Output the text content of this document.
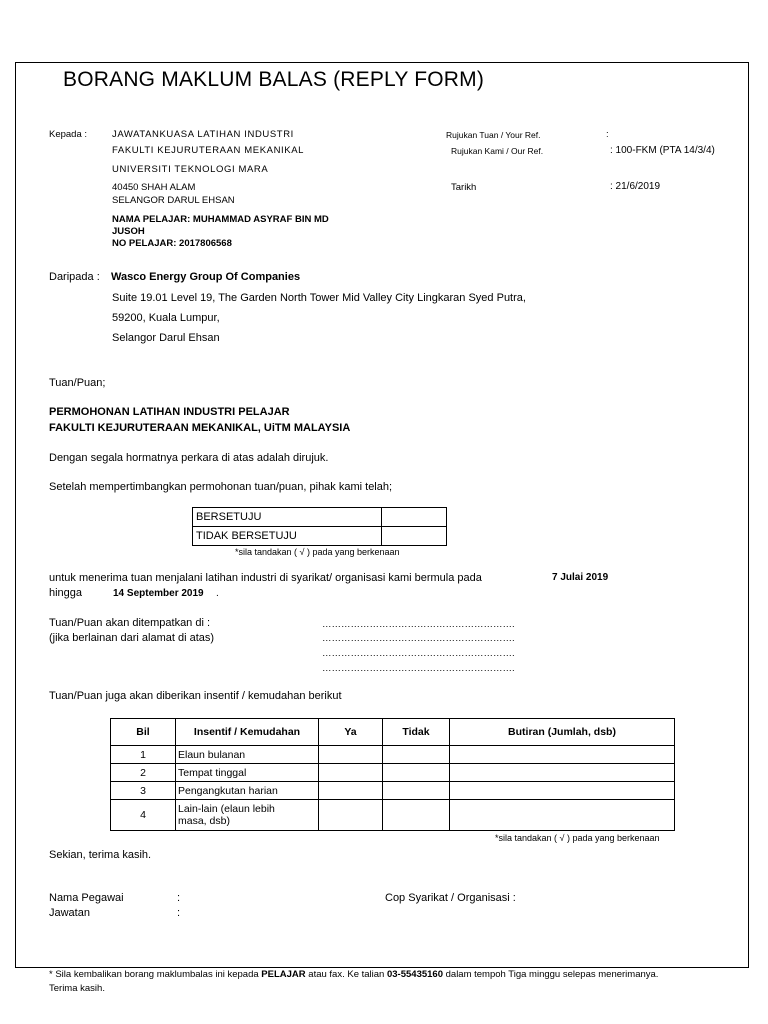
BORANG MAKLUM BALAS (REPLY FORM)
Kepada :	JAWATANKUASA LATIHAN INDUSTRI
FAKULTI KEJURUTERAAN MEKANIKAL
UNIVERSITI TEKNOLOGI MARA
40450 SHAH ALAM
SELANGOR DARUL EHSAN
NAMA PELAJAR: MUHAMMAD ASYRAF BIN MD
JUSOH
NO PELAJAR: 2017806568
Rujukan Tuan / Your Ref.	:
Rujukan Kami / Our Ref.	: 100-FKM (PTA 14/3/4)
Tarikh	: 21/6/2019
Daripada : Wasco Energy Group Of Companies
Suite 19.01 Level 19, The Garden North Tower Mid Valley City Lingkaran Syed Putra,
59200, Kuala Lumpur,
Selangor Darul Ehsan
Tuan/Puan;
PERMOHONAN LATIHAN INDUSTRI PELAJAR
FAKULTI KEJURUTERAAN MEKANIKAL, UiTM MALAYSIA
Dengan segala hormatnya perkara di atas adalah dirujuk.
Setelah mempertimbangkan permohonan tuan/puan, pihak kami telah;
BERSETUJU	
TIDAK BERSETUJU	
*sila tandakan ( √ ) pada yang berkenaan
untuk menerima tuan menjalani latihan industri di syarikat/ organisasi kami bermula pada	7 Julai 2019
hingga	14 September 2019 .
Tuan/Puan akan ditempatkan di :
(jika berlainan dari alamat di atas)
…………………………………………………….
…………………………………………………….
…………………………………………………….
…………………………………………………….
Tuan/Puan juga akan diberikan insentif / kemudahan berikut
Bil	Insentif / Kemudahan	Ya	Tidak	Butiran (Jumlah, dsb)
1	Elaun bulanan			
2	Tempat tinggal			
3	Pengangkutan harian			
4	Lain-lain (elaun lebih
masa, dsb)			

*sila tandakan ( √ ) pada yang berkenaan
Sekian, terima kasih.
Nama Pegawai	:
Jawatan	:
Cop Syarikat / Organisasi :
* Sila kembalikan borang maklumbalas ini kepada PELAJAR atau fax. Ke talian 03-55435160 dalam tempoh Tiga minggu selepas menerimanya.
Terima kasih.
